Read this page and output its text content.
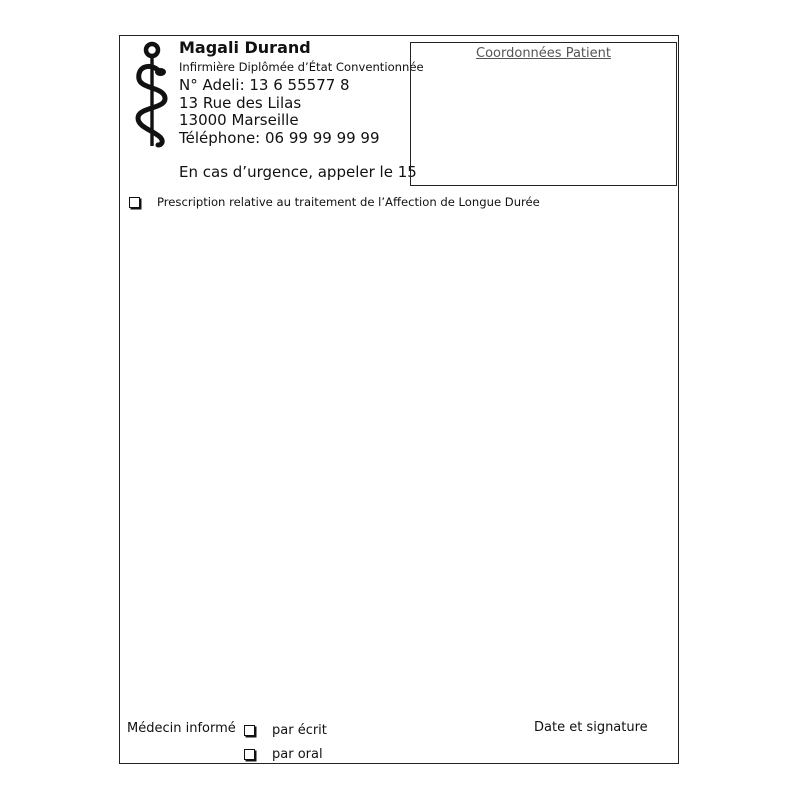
Magali Durand
Infirmière Diplômée d’État Conventionnée
N° Adeli: 13 6 55577 8
13 Rue des Lilas
13000 Marseille
Téléphone: 06 99 99 99 99
En cas d’urgence, appeler le 15
Coordonnées Patient
Prescription relative au traitement de l’Affection de Longue Durée
Médecin informé	par écrit
par oral
Date et signature
